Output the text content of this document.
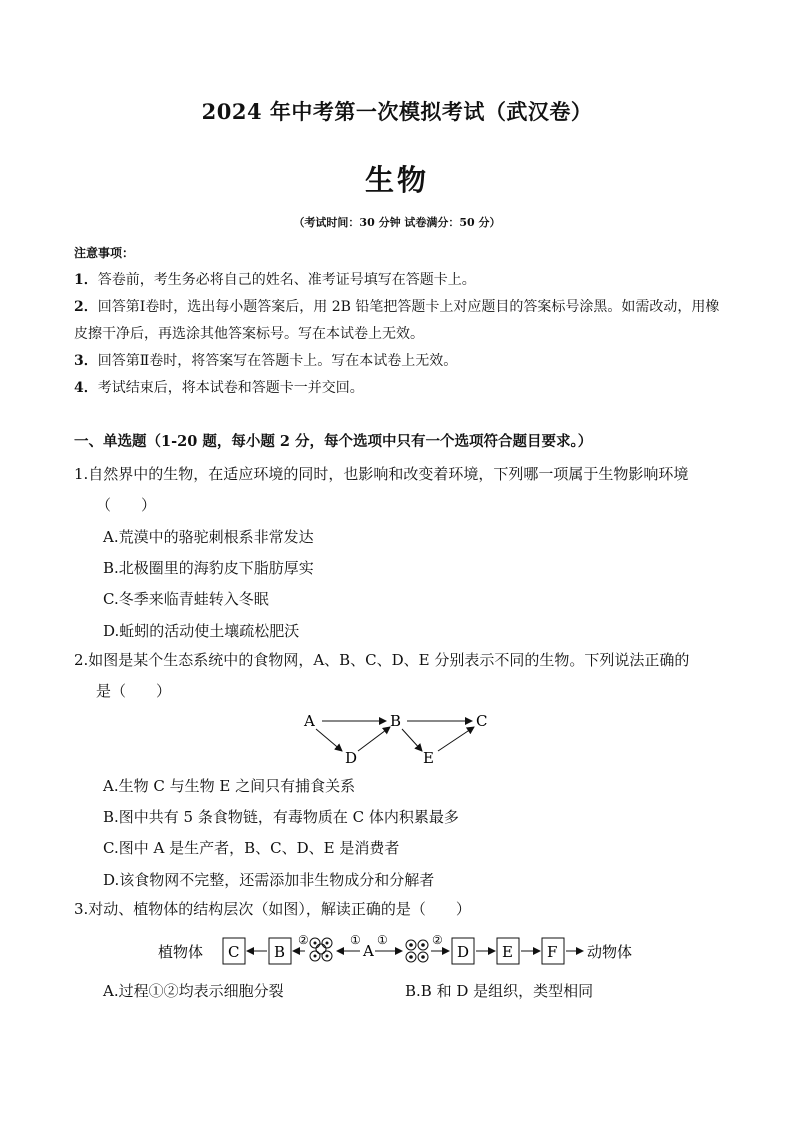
2024 年中考第一次模拟考试（武汉卷）
生物
（考试时间：30 分钟 试卷满分：50 分）

注意事项：

1．答卷前，考生务必将自己的姓名、准考证号填写在答题卡上。

2．回答第Ⅰ卷时，选出每小题答案后，用 2B 铅笔把答题卡上对应题目的答案标号涂黑。如需改动，用橡

皮擦干净后，再选涂其他答案标号。写在本试卷上无效。

3．回答第Ⅱ卷时，将答案写在答题卡上。写在本试卷上无效。

4．考试结束后，将本试卷和答题卡一并交回。

一、单选题（1-20 题，每小题 2 分，每个选项中只有一个选项符合题目要求。）

1.自然界中的生物，在适应环境的同时，也影响和改变着环境，下列哪一项属于生物影响环境

（　　）

A.荒漠中的骆驼刺根系非常发达
B.北极圈里的海豹皮下脂肪厚实
C.冬季来临青蛙转入冬眠
D.蚯蚓的活动使土壤疏松肥沃

2.如图是某个生态系统中的食物网，A、B、C、D、E 分别表示不同的生物。下列说法正确的

是（　　）

A	B	C
D	E
A.生物 C 与生物 E 之间只有捕食关系
B.图中共有 5 条食物链，有毒物质在 C 体内积累最多
C.图中 A 是生产者，B、C、D、E 是消费者
D.该食物网不完整，还需添加非生物成分和分解者

3.对动、植物体的结构层次（如图），解读正确的是（　　）

植物体 C B
②	①
A
①	②
D E F 动物体
A.过程①②均表示细胞分裂	B.B 和 D 是组织，类型相同
